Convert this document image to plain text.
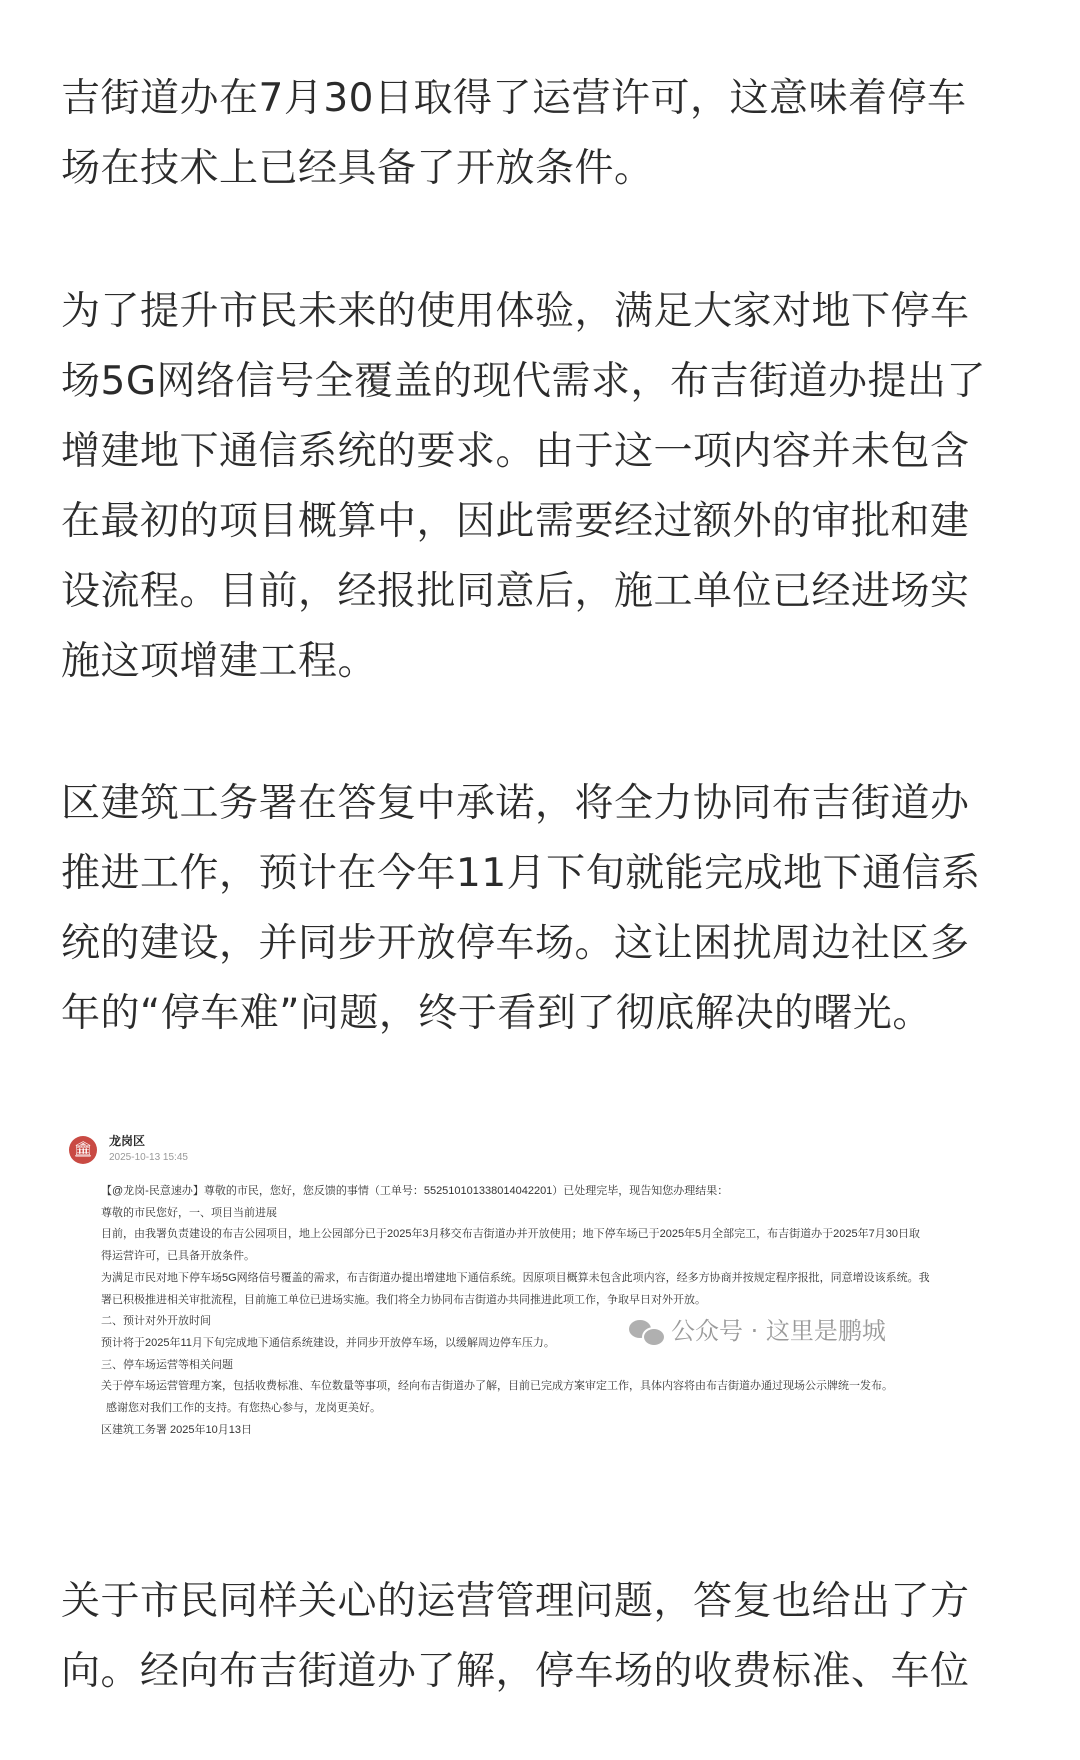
吉街道办在7月30日取得了运营许可，这意味着停车
场在技术上已经具备了开放条件。

为了提升市民未来的使用体验，满足大家对地下停车
场5G网络信号全覆盖的现代需求，布吉街道办提出了
增建地下通信系统的要求。由于这一项内容并未包含
在最初的项目概算中，因此需要经过额外的审批和建
设流程。目前，经报批同意后，施工单位已经进场实
施这项增建工程。

区建筑工务署在答复中承诺，将全力协同布吉街道办
推进工作，预计在今年11月下旬就能完成地下通信系
统的建设，并同步开放停车场。这让困扰周边社区多
年的“停车难”问题，终于看到了彻底解决的曙光。

🏛	龙岗区
2025-10-13 15:45
【@龙岗-民意速办】尊敬的市民，您好，您反馈的事情（工单号：552510101338014042201）已处理完毕，现告知您办理结果：
尊敬的市民您好，一、项目当前进展
目前，由我署负责建设的布吉公园项目，地上公园部分已于2025年3月移交布吉街道办并开放使用；地下停车场已于2025年5月全部完工，布吉街道办于2025年7月30日取
得运营许可，已具备开放条件。
为满足市民对地下停车场5G网络信号覆盖的需求，布吉街道办提出增建地下通信系统。因原项目概算未包含此项内容，经多方协商并按规定程序报批，同意增设该系统。我
署已积极推进相关审批流程，目前施工单位已进场实施。我们将全力协同布吉街道办共同推进此项工作，争取早日对外开放。
二、预计对外开放时间
预计将于2025年11月下旬完成地下通信系统建设，并同步开放停车场，以缓解周边停车压力。
三、停车场运营等相关问题
关于停车场运营管理方案，包括收费标准、车位数量等事项，经向布吉街道办了解，目前已完成方案审定工作，具体内容将由布吉街道办通过现场公示牌统一发布。
感谢您对我们工作的支持。有您热心参与，龙岗更美好。
区建筑工务署 2025年10月13日
公众号 · 这里是鹏城

关于市民同样关心的运营管理问题，答复也给出了方
向。经向布吉街道办了解，停车场的收费标准、车位
